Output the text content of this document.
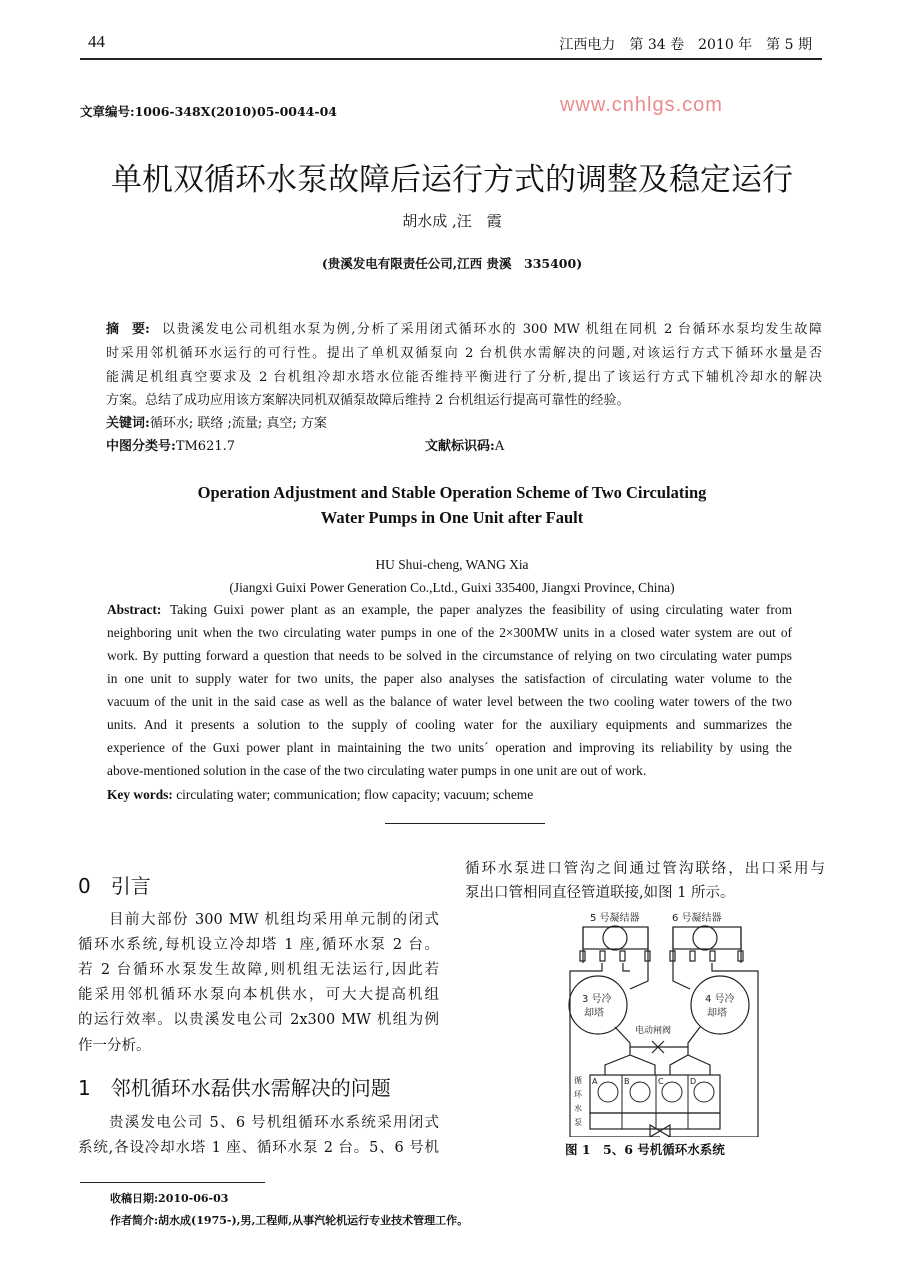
44	江西电力　第 34 卷　2010 年　第 5 期
文章编号:1006-348X(2010)05-0044-04	www.cnhlgs.com
单机双循环水泵故障后运行方式的调整及稳定运行
胡水成 ,汪　霞
(贵溪发电有限责任公司,江西 贵溪　335400)
摘　要: 以贵溪发电公司机组水泵为例,分析了采用闭式循环水的 300 MW 机组在同机 2 台循环水泵均发生故障
时采用邻机循环水运行的可行性。提出了单机双循泵向 2 台机供水需解决的问题,对该运行方式下循环水量是否
能满足机组真空要求及 2 台机组冷却水塔水位能否维持平衡进行了分析,提出了该运行方式下辅机冷却水的解决
方案。总结了成功应用该方案解决同机双循泵故障后维持 2 台机组运行提高可靠性的经验。
关键词:循环水; 联络 ;流量; 真空; 方案
中图分类号:TM621.7	文献标识码:A
Operation Adjustment and Stable Operation Scheme of Two Circulating
Water Pumps in One Unit after Fault
HU Shui-cheng, WANG Xia
(Jiangxi Guixi Power Generation Co.,Ltd., Guixi 335400, Jiangxi Province, China)
Abstract: Taking Guixi power plant as an example, the paper analyzes the feasibility of using circulating water from
neighboring unit when the two circulating water pumps in one of the 2×300MW units in a closed water system are out of
work. By putting forward a question that needs to be solved in the circumstance of relying on two circulating water pumps
in one unit to supply water for two units, the paper also analyses the satisfaction of circulating water volume to the
vacuum of the unit in the said case as well as the balance of water level between the two cooling water towers of the two
units. And it presents a solution to the supply of cooling water for the auxiliary equipments and summarizes the
experience of the Guxi power plant in maintaining the two units´ operation and improving its reliability by using the
above-mentioned solution in the case of the two circulating water pumps in one unit are out of work.
Key words: circulating water; communication; flow capacity; vacuum; scheme
0　引言
目前大部份 300 MW 机组均采用单元制的闭式
循环水系统,每机设立冷却塔 1 座,循环水泵 2 台。
若 2 台循环水泵发生故障,则机组无法运行,因此若
能采用邻机循环水泵向本机供水，可大大提高机组
的运行效率。以贵溪发电公司 2x300 MW 机组为例
作一分析。
1　邻机循环水磊供水需解决的问题
贵溪发电公司 5、6 号机组循环水系统采用闭式
系统,各设冷却水塔 1 座、循环水泵 2 台。5、6 号机
收稿日期:2010-06-03
作者简介:胡水成(1975-),男,工程师,从事汽轮机运行专业技术管理工作。
循环水泵进口管沟之间通过管沟联络，出口采用与
泵出口管相同直径管道联接,如图 1 所示。
5 号凝结器	6 号凝结器
3 号冷
却塔
4 号冷
却塔
电动闸阀
循
环
水
泵
A	B	C	D
图 1　5、6 号机循环水系统
